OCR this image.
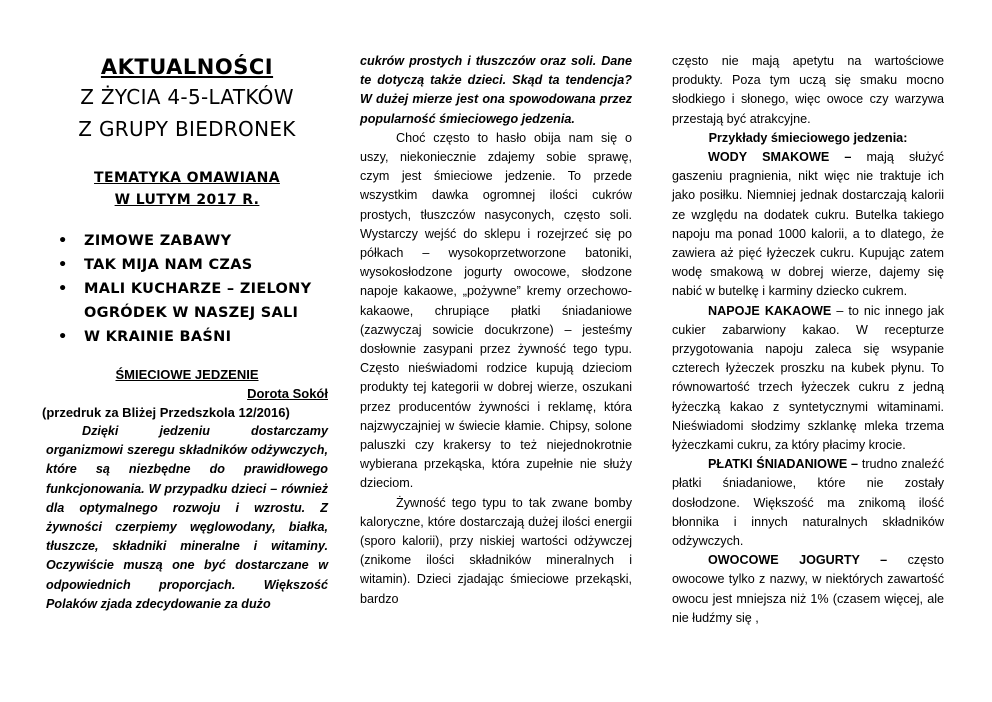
AKTUALNOŚCI
Z ŻYCIA 4-5-LATKÓW
Z GRUPY BIEDRONEK
TEMATYKA OMAWIANA
W LUTYM 2017 R.
• ZIMOWE ZABAWY
• TAK MIJA NAM CZAS
• MALI KUCHARZE – ZIELONY OGRÓDEK W NASZEJ SALI
• W KRAINIE BAŚNI
ŚMIECIOWE JEDZENIE
Dorota Sokół
(przedruk za Bliżej Przedszkola 12/2016)

Dzięki jedzeniu dostarczamy organizmowi szeregu składników odżywczych, które są niezbędne do prawidłowego funkcjonowania. W przypadku dzieci – również dla optymalnego rozwoju i wzrostu. Z żywności czerpiemy węglowodany, białka, tłuszcze, składniki mineralne i witaminy. Oczywiście muszą one być dostarczane w odpowiednich proporcjach. Większość Polaków zjada zdecydowanie za dużo

cukrów prostych i tłuszczów oraz soli. Dane te dotyczą także dzieci. Skąd ta tendencja? W dużej mierze jest ona spowodowana przez popularność śmieciowego jedzenia.

Choć często to hasło obija nam się o uszy, niekoniecznie zdajemy sobie sprawę, czym jest śmieciowe jedzenie. To przede wszystkim dawka ogromnej ilości cukrów prostych, tłuszczów nasyconych, często soli. Wystarczy wejść do sklepu i rozejrzeć się po półkach – wysokoprzetworzone batoniki, wysokosłodzone jogurty owocowe, słodzone napoje kakaowe, „pożywne” kremy orzechowo-kakaowe, chrupiące płatki śniadaniowe (zazwyczaj sowicie docukrzone) – jesteśmy dosłownie zasypani przez żywność tego typu. Często nieświadomi rodzice kupują dzieciom produkty tej kategorii w dobrej wierze, oszukani przez producentów żywności i reklamę, która najzwyczajniej w świecie kłamie. Chipsy, solone paluszki czy krakersy to też niejednokrotnie wybierana przekąska, która zupełnie nie służy dzieciom.

Żywność tego typu to tak zwane bomby kaloryczne, które dostarczają dużej ilości energii (sporo kalorii), przy niskiej wartości odżywczej (znikome ilości składników mineralnych i witamin). Dzieci zjadając śmieciowe przekąski, bardzo

często nie mają apetytu na wartościowe produkty. Poza tym uczą się smaku mocno słodkiego i słonego, więc owoce czy warzywa przestają być atrakcyjne.

Przykłady śmieciowego jedzenia:

WODY SMAKOWE – mają służyć gaszeniu pragnienia, nikt więc nie traktuje ich jako posiłku. Niemniej jednak dostarczają kalorii ze względu na dodatek cukru. Butelka takiego napoju ma ponad 1000 kalorii, a to dlatego, że zawiera aż pięć łyżeczek cukru. Kupując zatem wodę smakową w dobrej wierze, dajemy się nabić w butelkę i karminy dziecko cukrem.

NAPOJE KAKAOWE – to nic innego jak cukier zabarwiony kakao. W recepturze przygotowania napoju zaleca się wsypanie czterech łyżeczek proszku na kubek płynu. To równowartość trzech łyżeczek cukru z jedną łyżeczką kakao z syntetycznymi witaminami. Nieświadomi słodzimy szklankę mleka trzema łyżeczkami cukru, za który płacimy krocie.

PŁATKI ŚNIADANIOWE – trudno znaleźć płatki śniadaniowe, które nie zostały dosłodzone. Większość ma znikomą ilość błonnika i innych naturalnych składników odżywczych.

OWOCOWE JOGURTY – często owocowe tylko z nazwy, w niektórych zawartość owocu jest mniejsza niż 1% (czasem więcej, ale nie łudźmy się ,
